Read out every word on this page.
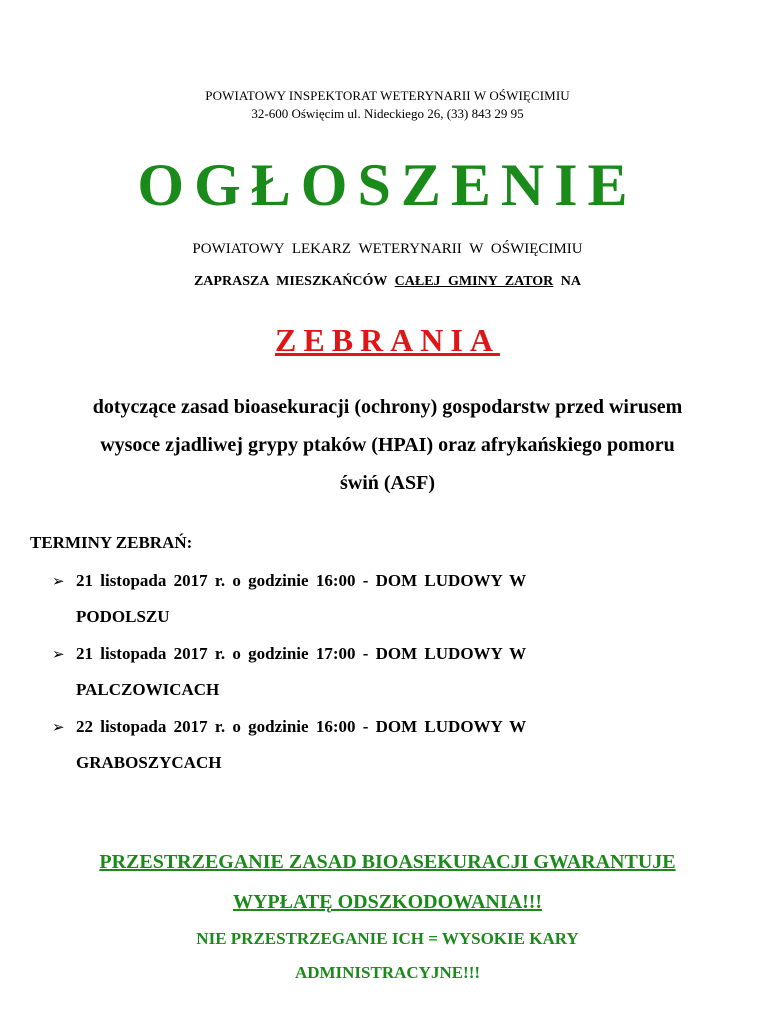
POWIATOWY INSPEKTORAT WETERYNARII W OŚWIĘCIMIU
32-600 Oświęcim ul. Nideckiego 26, (33) 843 29 95
OGŁOSZENIE
POWIATOWY LEKARZ WETERYNARII W OŚWIĘCIMIU
ZAPRASZA MIESZKAŃCÓW CAŁEJ GMINY ZATOR NA
ZEBRANIA
dotyczące zasad bioasekuracji (ochrony) gospodarstw przed wirusem
wysoce zjadliwej grypy ptaków (HPAI) oraz afrykańskiego pomoru
świń (ASF)
TERMINY ZEBRAŃ:
➢ 21 listopada 2017 r. o godzinie 16:00 - DOM LUDOWY W
PODOLSZU
➢ 21 listopada 2017 r. o godzinie 17:00 - DOM LUDOWY W
PALCZOWICACH
➢ 22 listopada 2017 r. o godzinie 16:00 - DOM LUDOWY W
GRABOSZYCACH
PRZESTRZEGANIE ZASAD BIOASEKURACJI GWARANTUJE
WYPŁATĘ ODSZKODOWANIA!!!
NIE PRZESTRZEGANIE ICH = WYSOKIE KARY
ADMINISTRACYJNE!!!
